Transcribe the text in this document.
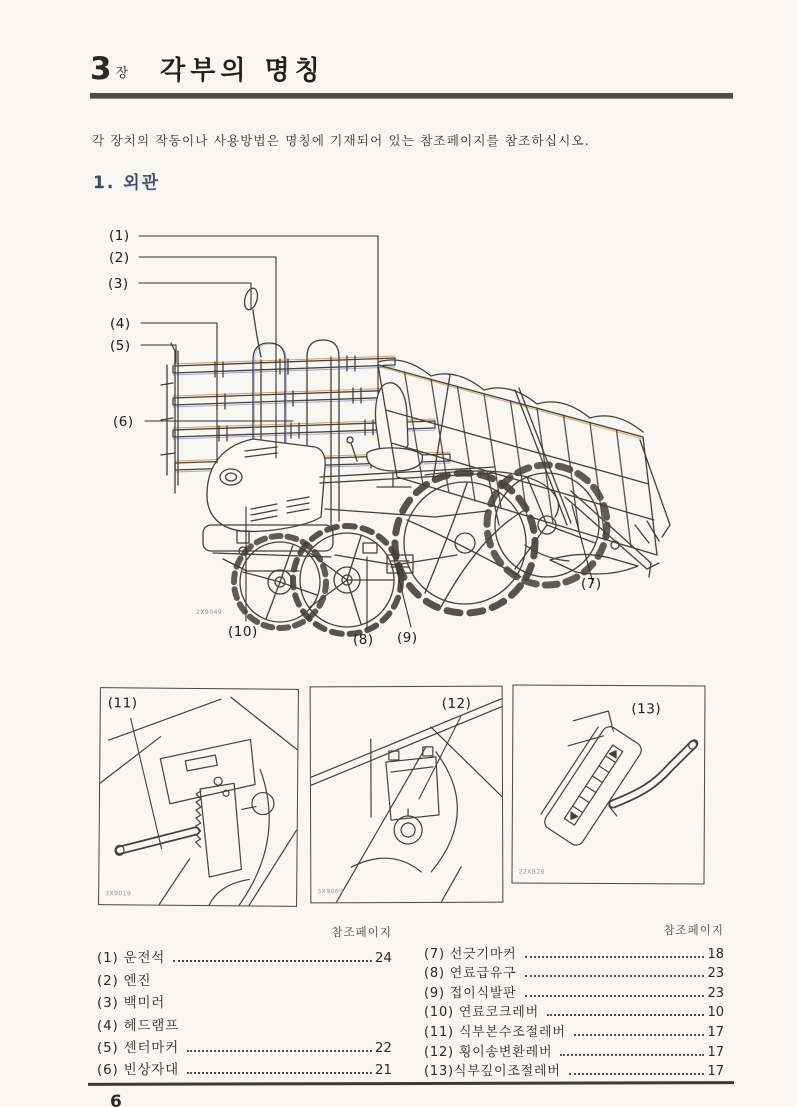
3 장 각부의 명칭
각 장치의 작동이나 사용방법은 명칭에 기재되어 있는 참조페이지를 참조하십시오.
1. 외관
2X9049
(1)
(2)
(3)
(4)
(5)
(6)
(7)
(8) (9)
(10)
(11)
3X9019
(12)
3X9069
(13)
22XB26
참조페이지
(1) 운전석	24
(2) 엔진
(3) 백미러
(4) 헤드램프
(5) 센터마커	22
(6) 빈상자대	21
참조페이지
(7) 선긋기마커	18
(8) 연료급유구	23
(9) 접이식발판	23
(10) 연료코크레버	10
(11) 식부본수조절레버	17
(12) 횡이송변환레버	17
(13)식부깊이조절레버	17
6
